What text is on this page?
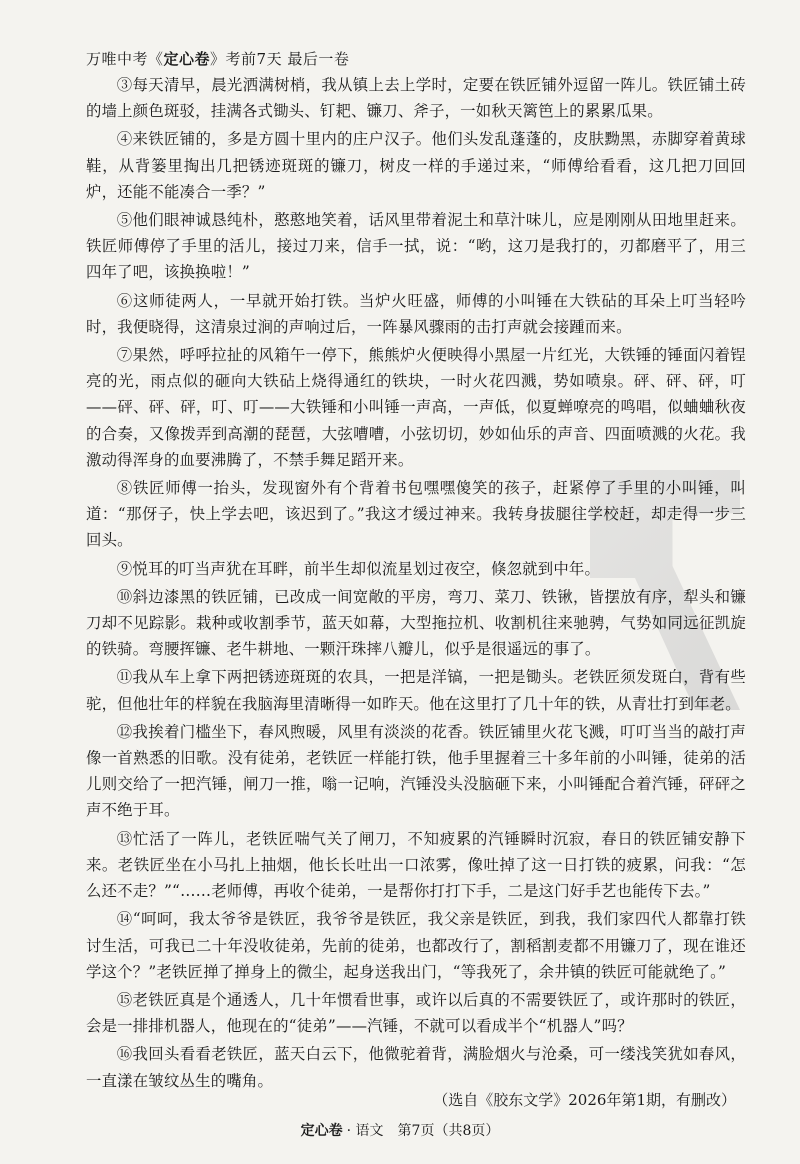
万唯中考《定心卷》考前7天 最后一卷

③每天清早，晨光洒满树梢，我从镇上去上学时，定要在铁匠铺外逗留一阵儿。铁匠铺土砖的墙上颜色斑驳，挂满各式锄头、钉耙、镰刀、斧子，一如秋天篱笆上的累累瓜果。

④来铁匠铺的，多是方圆十里内的庄户汉子。他们头发乱蓬蓬的，皮肤黝黑，赤脚穿着黄球鞋，从背篓里掏出几把锈迹斑斑的镰刀，树皮一样的手递过来，“师傅给看看，这几把刀回回炉，还能不能凑合一季？”

⑤他们眼神诚恳纯朴，憨憨地笑着，话风里带着泥土和草汁味儿，应是刚刚从田地里赶来。铁匠师傅停了手里的活儿，接过刀来，信手一拭，说：“哟，这刀是我打的，刃都磨平了，用三四年了吧，该换换啦！”

⑥这师徒两人，一早就开始打铁。当炉火旺盛，师傅的小叫锤在大铁砧的耳朵上叮当轻吟时，我便晓得，这清泉过涧的声响过后，一阵暴风骤雨的击打声就会接踵而来。

⑦果然，呼呼拉扯的风箱午一停下，熊熊炉火便映得小黑屋一片红光，大铁锤的锤面闪着锃亮的光，雨点似的砸向大铁砧上烧得通红的铁块，一时火花四溅，势如喷泉。砰、砰、砰，叮——砰、砰、砰，叮、叮——大铁锤和小叫锤一声高，一声低，似夏蝉嘹亮的鸣唱，似蛐蛐秋夜的合奏，又像拨弄到高潮的琵琶，大弦嘈嘈，小弦切切，妙如仙乐的声音、四面喷溅的火花。我激动得浑身的血要沸腾了，不禁手舞足蹈开来。

⑧铁匠师傅一抬头，发现窗外有个背着书包嘿嘿傻笑的孩子，赶紧停了手里的小叫锤，叫道：“那伢子，快上学去吧，该迟到了。”我这才缓过神来。我转身拔腿往学校赶，却走得一步三回头。

⑨悦耳的叮当声犹在耳畔，前半生却似流星划过夜空，倏忽就到中年。

⑩斜边漆黑的铁匠铺，已改成一间宽敞的平房，弯刀、菜刀、铁锹，皆摆放有序，犁头和镰刀却不见踪影。栽种或收割季节，蓝天如幕，大型拖拉机、收割机往来驰骋，气势如同远征凯旋的铁骑。弯腰挥镰、老牛耕地、一颗汗珠摔八瓣儿，似乎是很遥远的事了。

⑪我从车上拿下两把锈迹斑斑的农具，一把是洋镐，一把是锄头。老铁匠须发斑白，背有些驼，但他壮年的样貌在我脑海里清晰得一如昨天。他在这里打了几十年的铁，从青壮打到年老。

⑫我挨着门槛坐下，春风煦暖，风里有淡淡的花香。铁匠铺里火花飞溅，叮叮当当的敲打声像一首熟悉的旧歌。没有徒弟，老铁匠一样能打铁，他手里握着三十多年前的小叫锤，徒弟的活儿则交给了一把汽锤，闸刀一推，嗡一记响，汽锤没头没脑砸下来，小叫锤配合着汽锤，砰砰之声不绝于耳。

⑬忙活了一阵儿，老铁匠喘气关了闸刀，不知疲累的汽锤瞬时沉寂，春日的铁匠铺安静下来。老铁匠坐在小马扎上抽烟，他长长吐出一口浓雾，像吐掉了这一日打铁的疲累，问我：“怎么还不走？”“……老师傅，再收个徒弟，一是帮你打打下手，二是这门好手艺也能传下去。”

⑭“呵呵，我太爷爷是铁匠，我爷爷是铁匠，我父亲是铁匠，到我，我们家四代人都靠打铁讨生活，可我已二十年没收徒弟，先前的徒弟，也都改行了，割稻割麦都不用镰刀了，现在谁还学这个？”老铁匠掸了掸身上的微尘，起身送我出门，“等我死了，余井镇的铁匠可能就绝了。”

⑮老铁匠真是个通透人，几十年惯看世事，或许以后真的不需要铁匠了，或许那时的铁匠，会是一排排机器人，他现在的“徒弟”——汽锤，不就可以看成半个“机器人”吗？

⑯我回头看看老铁匠，蓝天白云下，他微驼着背，满脸烟火与沧桑，可一缕浅笑犹如春风，一直漾在皱纹丛生的嘴角。

（选自《胶东文学》2026年第1期，有删改）
定心卷 · 语文　第7页（共8页）
